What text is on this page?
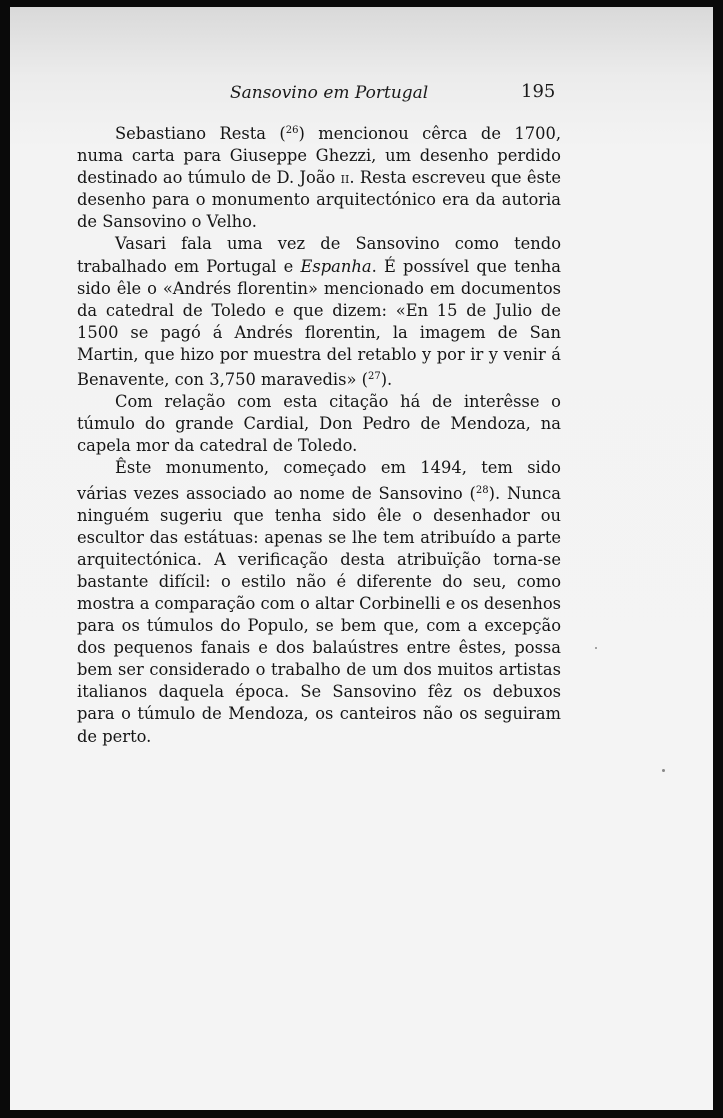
Sansovino em Portugal	195

Sebastiano Resta ($^{26}$) mencionou cêrca de 1700, numa carta para Giuseppe Ghezzi, um desenho perdido destinado ao túmulo de D. João ii. Resta escreveu que êste desenho para o monumento arquitectónico era da autoria de Sansovino o Velho.

Vasari fala uma vez de Sansovino como tendo trabalhado em Portugal e Espanha. É possível que tenha sido êle o «Andrés florentin» mencionado em documentos da catedral de Toledo e que dizem: «En 15 de Julio de 1500 se pagó á Andrés florentin, la imagem de San Martin, que hizo por muestra del retablo y por ir y venir á Benavente, con 3,750 maravedis» ($^{27}$).

Com relação com esta citação há de interêsse o túmulo do grande Cardial, Don Pedro de Mendoza, na capela mor da catedral de Toledo.

Êste monumento, começado em 1494, tem sido várias vezes associado ao nome de Sansovino ($^{28}$). Nunca ninguém sugeriu que tenha sido êle o desenhador ou escultor das estátuas: apenas se lhe tem atribuído a parte arquitectónica. A verificação desta atribuïção torna-se bastante difícil: o estilo não é diferente do seu, como mostra a comparação com o altar Corbinelli e os desenhos para os túmulos do Populo, se bem que, com a excepção dos pequenos fanais e dos balaústres entre êstes, possa bem ser considerado o trabalho de um dos muitos artistas italianos daquela época. Se Sansovino fêz os debuxos para o túmulo de Mendoza, os canteiros não os seguiram de perto.
